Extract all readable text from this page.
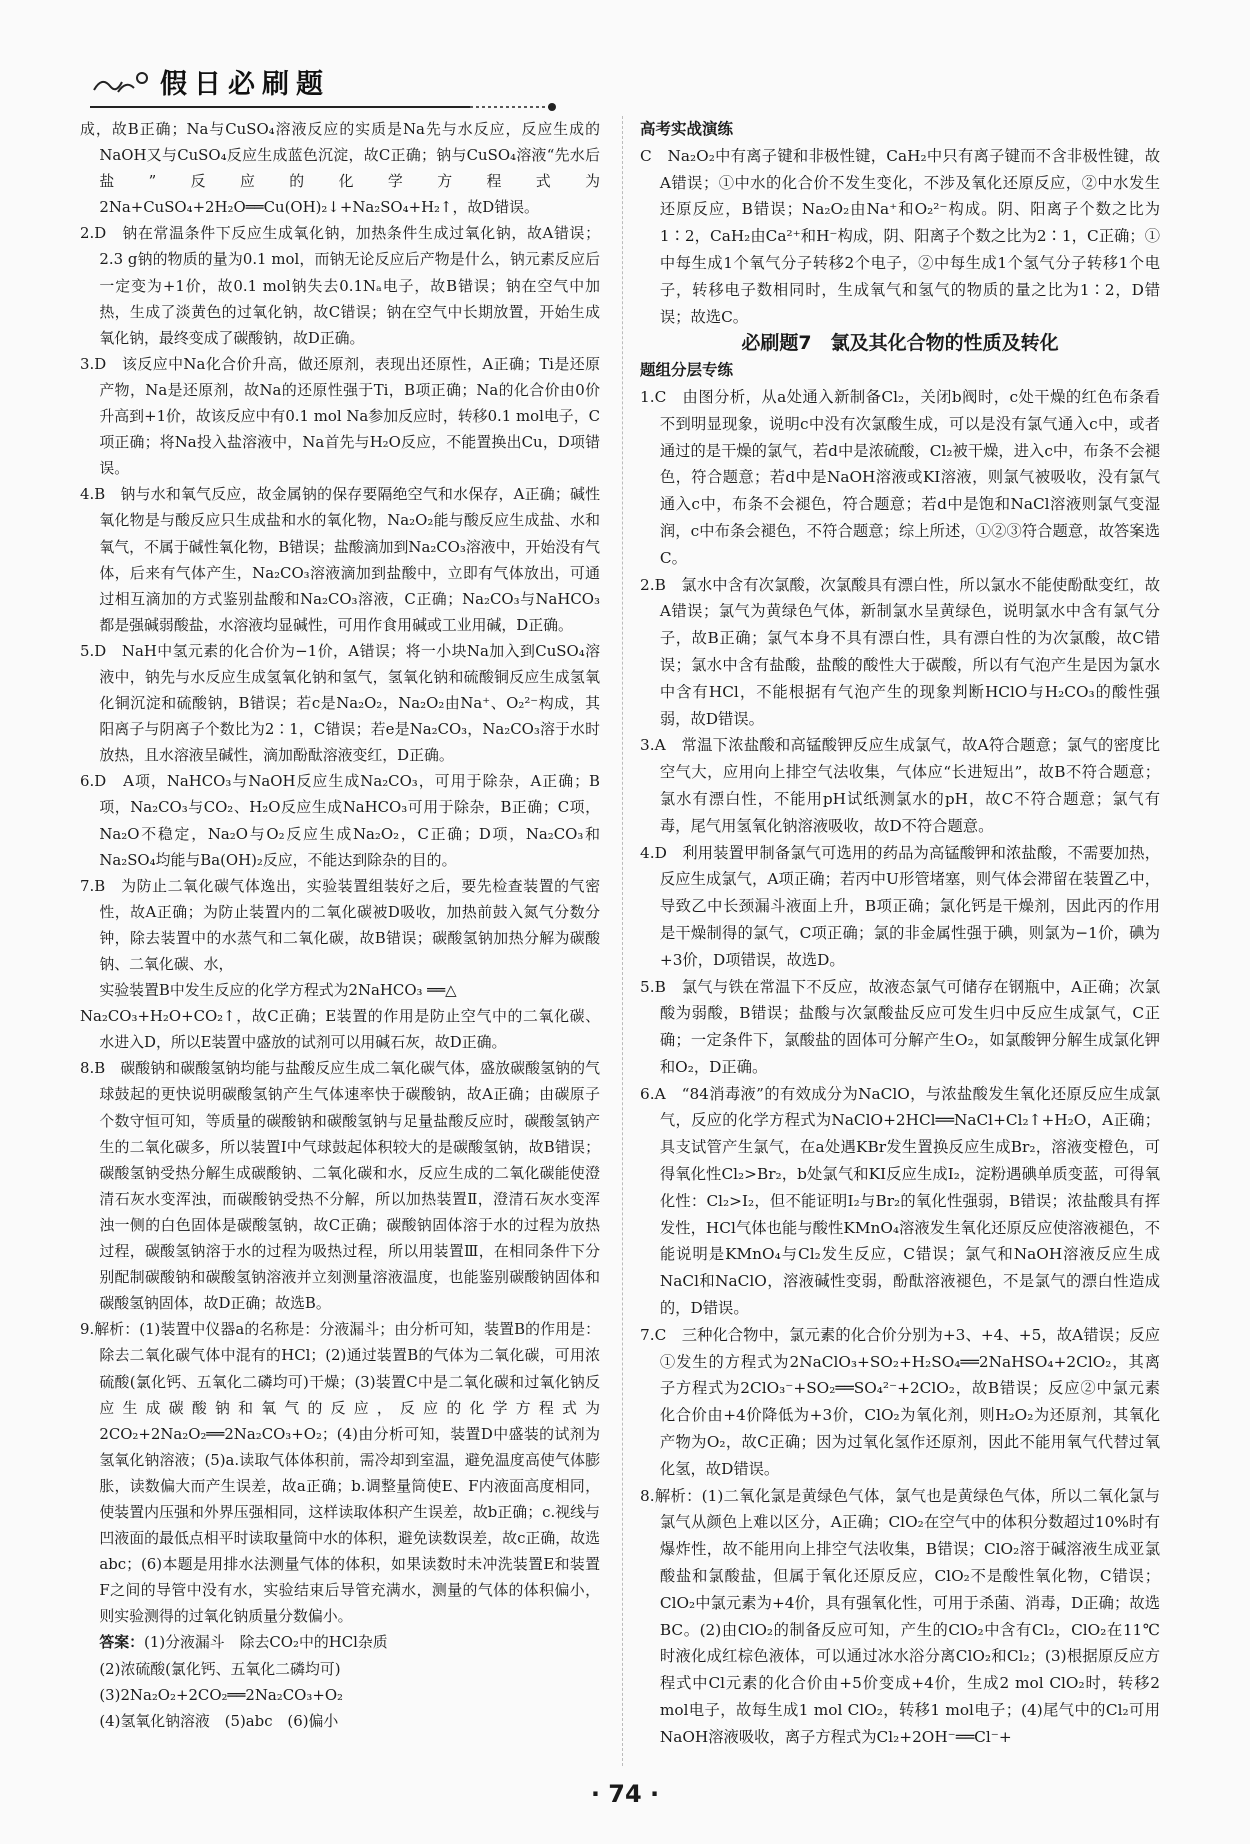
假日必刷题

成，故B正确；Na与CuSO₄溶液反应的实质是Na先与水反应，反应生成的NaOH又与CuSO₄反应生成蓝色沉淀，故C正确；钠与CuSO₄溶液“先水后盐”反应的化学方程式为2Na+CuSO₄+2H₂O══Cu(OH)₂↓+Na₂SO₄+H₂↑，故D错误。

2.D　钠在常温条件下反应生成氧化钠，加热条件生成过氧化钠，故A错误；2.3 g钠的物质的量为0.1 mol，而钠无论反应后产物是什么，钠元素反应后一定变为+1价，故0.1 mol钠失去0.1Nₐ电子，故B错误；钠在空气中加热，生成了淡黄色的过氧化钠，故C错误；钠在空气中长期放置，开始生成氧化钠，最终变成了碳酸钠，故D正确。

3.D　该反应中Na化合价升高，做还原剂，表现出还原性，A正确；Ti是还原产物，Na是还原剂，故Na的还原性强于Ti，B项正确；Na的化合价由0价升高到+1价，故该反应中有0.1 mol Na参加反应时，转移0.1 mol电子，C项正确；将Na投入盐溶液中，Na首先与H₂O反应，不能置换出Cu，D项错误。

4.B　钠与水和氧气反应，故金属钠的保存要隔绝空气和水保存，A正确；碱性氧化物是与酸反应只生成盐和水的氧化物，Na₂O₂能与酸反应生成盐、水和氧气，不属于碱性氧化物，B错误；盐酸滴加到Na₂CO₃溶液中，开始没有气体，后来有气体产生，Na₂CO₃溶液滴加到盐酸中，立即有气体放出，可通过相互滴加的方式鉴别盐酸和Na₂CO₃溶液，C正确；Na₂CO₃与NaHCO₃都是强碱弱酸盐，水溶液均显碱性，可用作食用碱或工业用碱，D正确。

5.D　NaH中氢元素的化合价为−1价，A错误；将一小块Na加入到CuSO₄溶液中，钠先与水反应生成氢氧化钠和氢气，氢氧化钠和硫酸铜反应生成氢氧化铜沉淀和硫酸钠，B错误；若c是Na₂O₂，Na₂O₂由Na⁺、O₂²⁻构成，其阳离子与阴离子个数比为2∶1，C错误；若e是Na₂CO₃，Na₂CO₃溶于水时放热，且水溶液呈碱性，滴加酚酞溶液变红，D正确。

6.D　A项，NaHCO₃与NaOH反应生成Na₂CO₃，可用于除杂，A正确；B项，Na₂CO₃与CO₂、H₂O反应生成NaHCO₃可用于除杂，B正确；C项，Na₂O不稳定，Na₂O与O₂反应生成Na₂O₂，C正确；D项，Na₂CO₃和Na₂SO₄均能与Ba(OH)₂反应，不能达到除杂的目的。

7.B　为防止二氧化碳气体逸出，实验装置组装好之后，要先检查装置的气密性，故A正确；为防止装置内的二氧化碳被D吸收，加热前鼓入氮气分数分钟，除去装置中的水蒸气和二氧化碳，故B错误；碳酸氢钠加热分解为碳酸钠、二氧化碳、水，

实验装置B中发生反应的化学方程式为2NaHCO₃ ══△

Na₂CO₃+H₂O+CO₂↑，故C正确；E装置的作用是防止空气中的二氧化碳、水进入D，所以E装置中盛放的试剂可以用碱石灰，故D正确。

8.B　碳酸钠和碳酸氢钠均能与盐酸反应生成二氧化碳气体，盛放碳酸氢钠的气球鼓起的更快说明碳酸氢钠产生气体速率快于碳酸钠，故A正确；由碳原子个数守恒可知，等质量的碳酸钠和碳酸氢钠与足量盐酸反应时，碳酸氢钠产生的二氧化碳多，所以装置Ⅰ中气球鼓起体积较大的是碳酸氢钠，故B错误；碳酸氢钠受热分解生成碳酸钠、二氧化碳和水，反应生成的二氧化碳能使澄清石灰水变浑浊，而碳酸钠受热不分解，所以加热装置Ⅱ，澄清石灰水变浑浊一侧的白色固体是碳酸氢钠，故C正确；碳酸钠固体溶于水的过程为放热过程，碳酸氢钠溶于水的过程为吸热过程，所以用装置Ⅲ，在相同条件下分别配制碳酸钠和碳酸氢钠溶液并立刻测量溶液温度，也能鉴别碳酸钠固体和碳酸氢钠固体，故D正确；故选B。

9.解析：(1)装置中仪器a的名称是：分液漏斗；由分析可知，装置B的作用是：除去二氧化碳气体中混有的HCl；(2)通过装置B的气体为二氧化碳，可用浓硫酸(氯化钙、五氧化二磷均可)干燥；(3)装置C中是二氧化碳和过氧化钠反应生成碳酸钠和氧气的反应，反应的化学方程式为2CO₂+2Na₂O₂══2Na₂CO₃+O₂；(4)由分析可知，装置D中盛装的试剂为氢氧化钠溶液；(5)a.读取气体体积前，需冷却到室温，避免温度高使气体膨胀，读数偏大而产生误差，故a正确；b.调整量筒使E、F内液面高度相同，使装置内压强和外界压强相同，这样读取体积产生误差，故b正确；c.视线与凹液面的最低点相平时读取量筒中水的体积，避免读数误差，故c正确，故选abc；(6)本题是用排水法测量气体的体积，如果读数时未冲洗装置E和装置F之间的导管中没有水，实验结束后导管充满水，测量的气体的体积偏小，则实验测得的过氧化钠质量分数偏小。

答案：(1)分液漏斗　除去CO₂中的HCl杂质

(2)浓硫酸(氯化钙、五氧化二磷均可)

(3)2Na₂O₂+2CO₂══2Na₂CO₃+O₂

(4)氢氧化钠溶液　(5)abc　(6)偏小

高考实战演练

C　Na₂O₂中有离子键和非极性键，CaH₂中只有离子键而不含非极性键，故A错误；①中水的化合价不发生变化，不涉及氧化还原反应，②中水发生还原反应，B错误；Na₂O₂由Na⁺和O₂²⁻构成。阴、阳离子个数之比为1∶2，CaH₂由Ca²⁺和H⁻构成，阴、阳离子个数之比为2∶1，C正确；①中每生成1个氧气分子转移2个电子，②中每生成1个氢气分子转移1个电子，转移电子数相同时，生成氧气和氢气的物质的量之比为1∶2，D错误；故选C。

必刷题7　氯及其化合物的性质及转化

题组分层专练

1.C　由图分析，从a处通入新制备Cl₂，关闭b阀时，c处干燥的红色布条看不到明显现象，说明c中没有次氯酸生成，可以是没有氯气通入c中，或者通过的是干燥的氯气，若d中是浓硫酸，Cl₂被干燥，进入c中，布条不会褪色，符合题意；若d中是NaOH溶液或KI溶液，则氯气被吸收，没有氯气通入c中，布条不会褪色，符合题意；若d中是饱和NaCl溶液则氯气变湿润，c中布条会褪色，不符合题意；综上所述，①②③符合题意，故答案选C。

2.B　氯水中含有次氯酸，次氯酸具有漂白性，所以氯水不能使酚酞变红，故A错误；氯气为黄绿色气体，新制氯水呈黄绿色，说明氯水中含有氯气分子，故B正确；氯气本身不具有漂白性，具有漂白性的为次氯酸，故C错误；氯水中含有盐酸，盐酸的酸性大于碳酸，所以有气泡产生是因为氯水中含有HCl，不能根据有气泡产生的现象判断HClO与H₂CO₃的酸性强弱，故D错误。

3.A　常温下浓盐酸和高锰酸钾反应生成氯气，故A符合题意；氯气的密度比空气大，应用向上排空气法收集，气体应“长进短出”，故B不符合题意；氯水有漂白性，不能用pH试纸测氯水的pH，故C不符合题意；氯气有毒，尾气用氢氧化钠溶液吸收，故D不符合题意。

4.D　利用装置甲制备氯气可选用的药品为高锰酸钾和浓盐酸，不需要加热，反应生成氯气，A项正确；若丙中U形管堵塞，则气体会滞留在装置乙中，导致乙中长颈漏斗液面上升，B项正确；氯化钙是干燥剂，因此丙的作用是干燥制得的氯气，C项正确；氯的非金属性强于碘，则氯为−1价，碘为+3价，D项错误，故选D。

5.B　氯气与铁在常温下不反应，故液态氯气可储存在钢瓶中，A正确；次氯酸为弱酸，B错误；盐酸与次氯酸盐反应可发生归中反应生成氯气，C正确；一定条件下，氯酸盐的固体可分解产生O₂，如氯酸钾分解生成氯化钾和O₂，D正确。

6.A　“84消毒液”的有效成分为NaClO，与浓盐酸发生氧化还原反应生成氯气，反应的化学方程式为NaClO+2HCl══NaCl+Cl₂↑+H₂O，A正确；具支试管产生氯气，在a处遇KBr发生置换反应生成Br₂，溶液变橙色，可得氧化性Cl₂>Br₂，b处氯气和KI反应生成I₂，淀粉遇碘单质变蓝，可得氧化性：Cl₂>I₂，但不能证明I₂与Br₂的氧化性强弱，B错误；浓盐酸具有挥发性，HCl气体也能与酸性KMnO₄溶液发生氧化还原反应使溶液褪色，不能说明是KMnO₄与Cl₂发生反应，C错误；氯气和NaOH溶液反应生成NaCl和NaClO，溶液碱性变弱，酚酞溶液褪色，不是氯气的漂白性造成的，D错误。

7.C　三种化合物中，氯元素的化合价分别为+3、+4、+5，故A错误；反应①发生的方程式为2NaClO₃+SO₂+H₂SO₄══2NaHSO₄+2ClO₂，其离子方程式为2ClO₃⁻+SO₂══SO₄²⁻+2ClO₂，故B错误；反应②中氯元素化合价由+4价降低为+3价，ClO₂为氧化剂，则H₂O₂为还原剂，其氧化产物为O₂，故C正确；因为过氧化氢作还原剂，因此不能用氧气代替过氧化氢，故D错误。

8.解析：(1)二氧化氯是黄绿色气体，氯气也是黄绿色气体，所以二氧化氯与氯气从颜色上难以区分，A正确；ClO₂在空气中的体积分数超过10%时有爆炸性，故不能用向上排空气法收集，B错误；ClO₂溶于碱溶液生成亚氯酸盐和氯酸盐，但属于氧化还原反应，ClO₂不是酸性氧化物，C错误；ClO₂中氯元素为+4价，具有强氧化性，可用于杀菌、消毒，D正确；故选BC。(2)由ClO₂的制备反应可知，产生的ClO₂中含有Cl₂，ClO₂在11℃时液化成红棕色液体，可以通过冰水浴分离ClO₂和Cl₂；(3)根据原反应方程式中Cl元素的化合价由+5价变成+4价，生成2 mol ClO₂时，转移2 mol电子，故每生成1 mol ClO₂，转移1 mol电子；(4)尾气中的Cl₂可用NaOH溶液吸收，离子方程式为Cl₂+2OH⁻══Cl⁻+

· 74 ·
